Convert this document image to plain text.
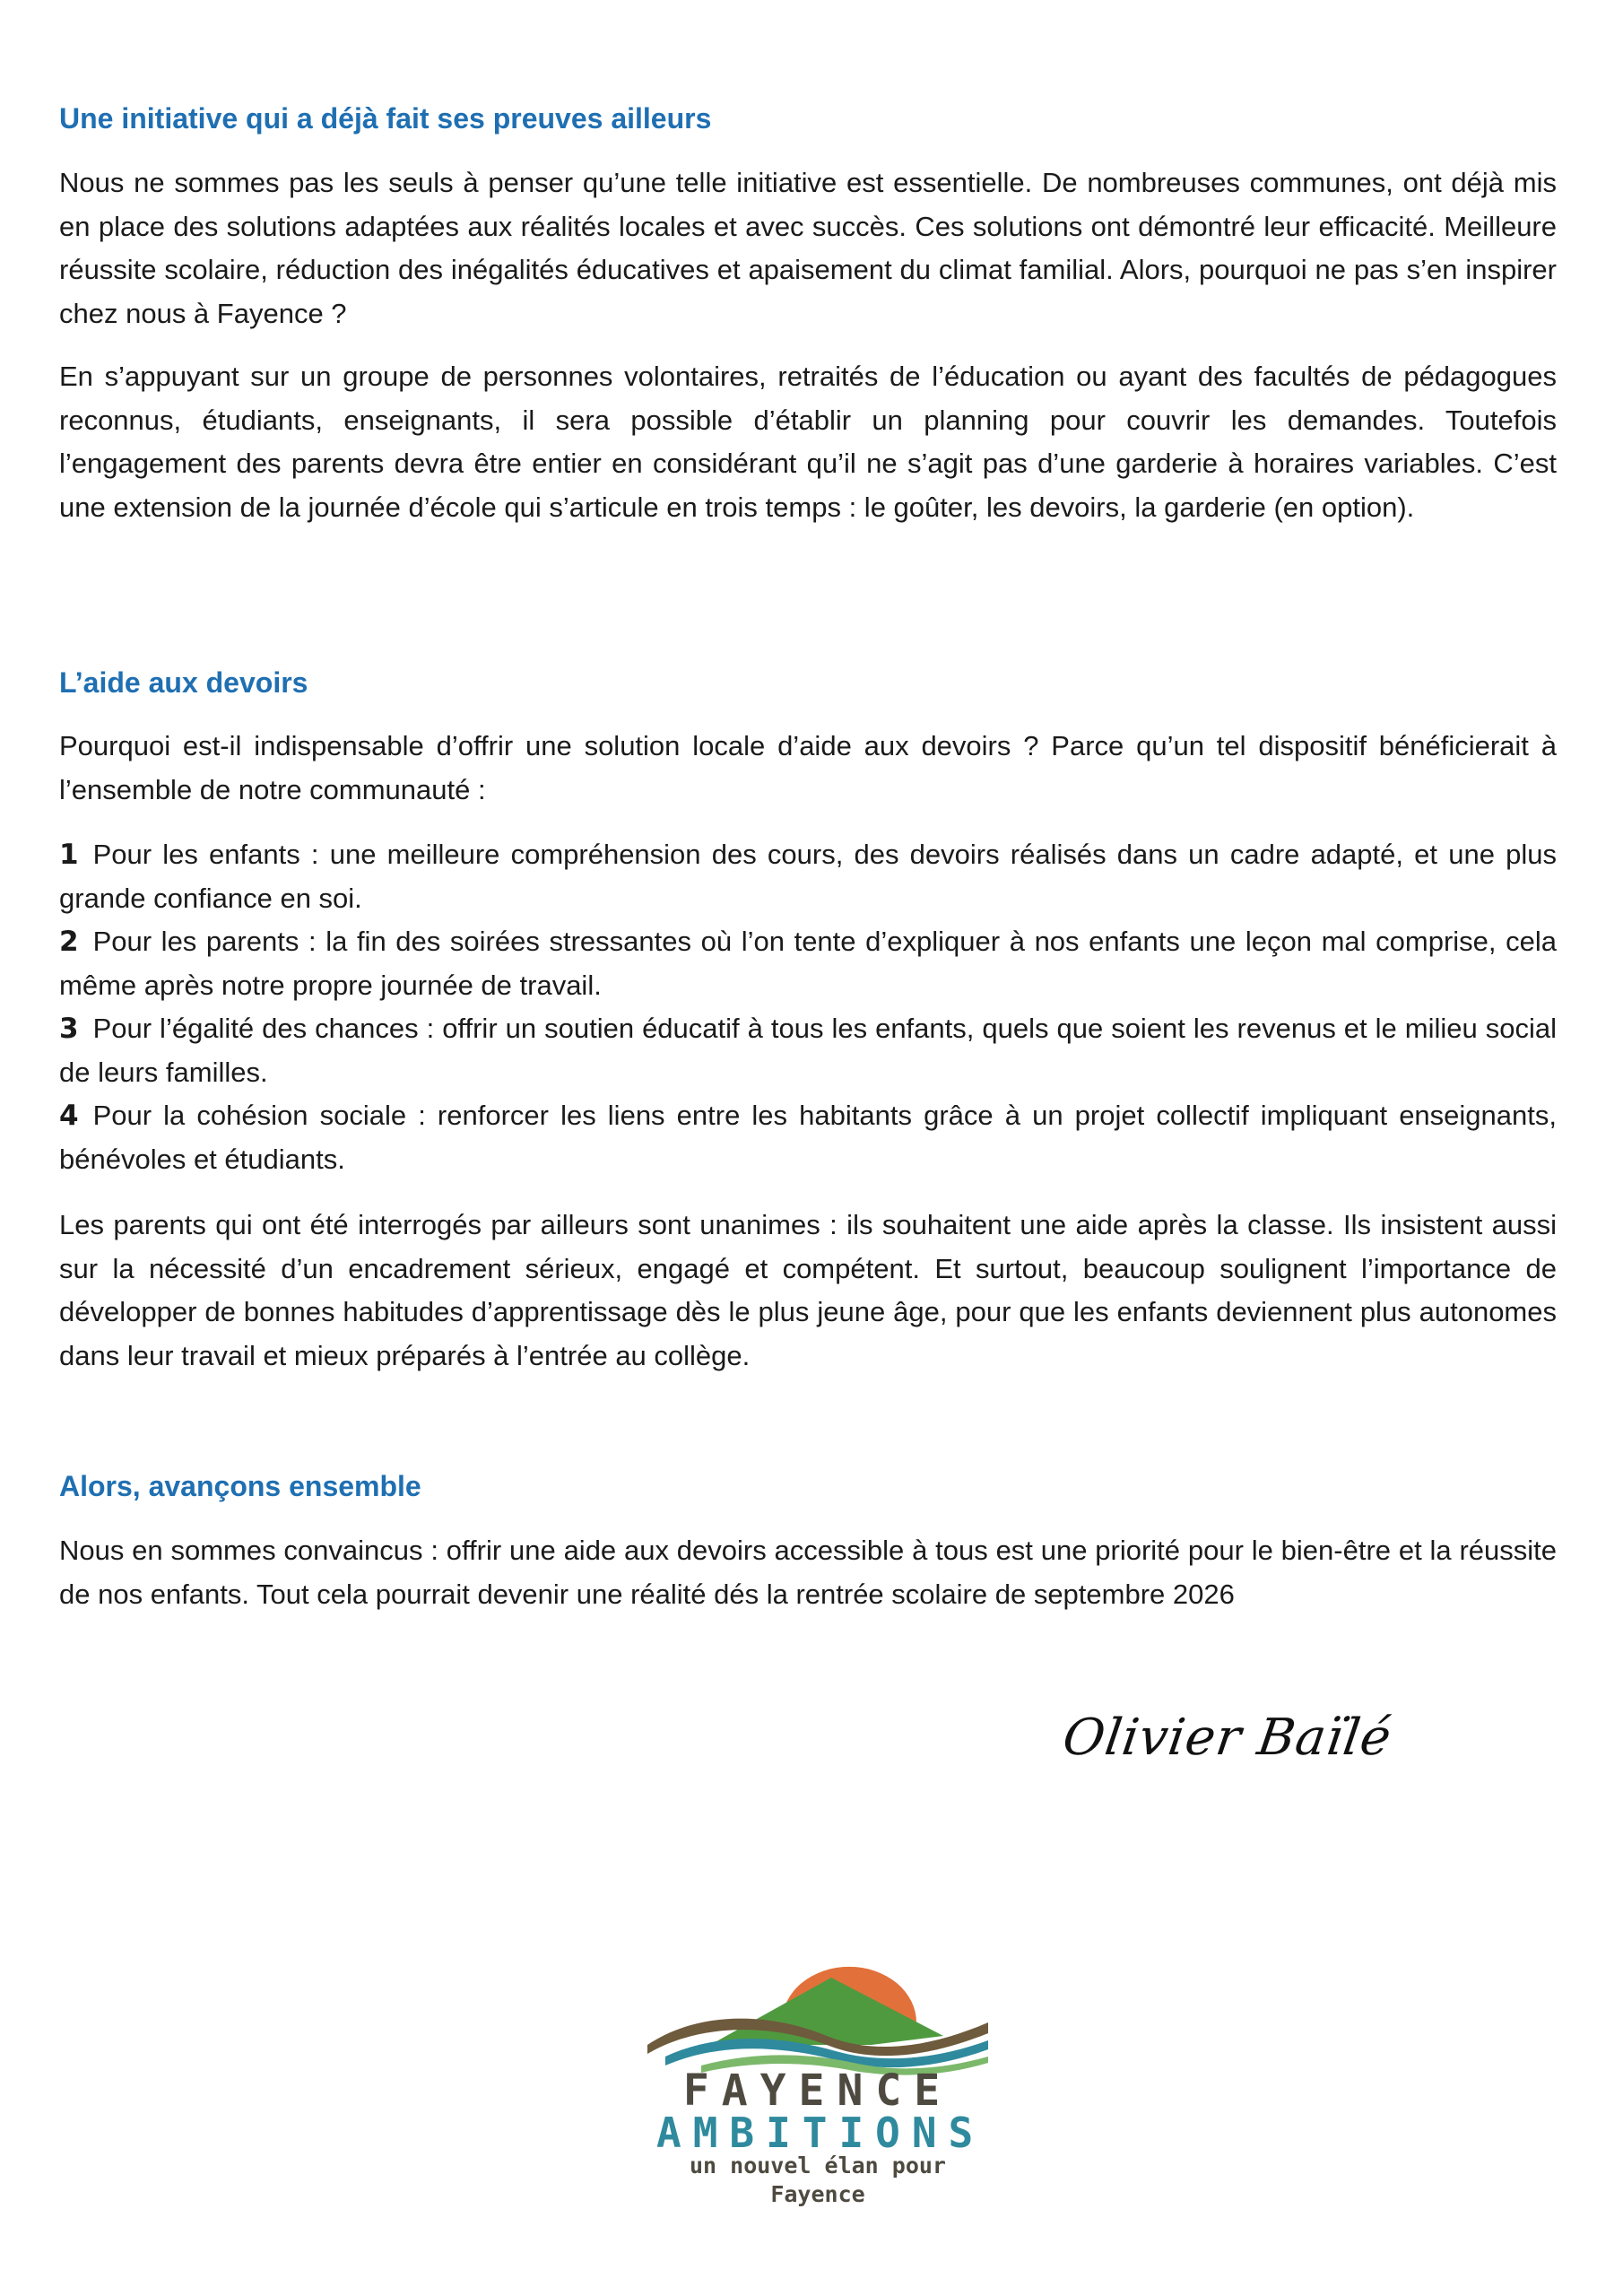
Une initiative qui a déjà fait ses preuves ailleurs

Nous ne sommes pas les seuls à penser qu’une telle initiative est essentielle. De nombreuses communes, ont déjà mis en place des solutions adaptées aux réalités locales et avec succès. Ces solutions ont démontré leur efficacité. Meilleure réussite scolaire, réduction des inégalités éducatives et apaisement du climat familial. Alors, pourquoi ne pas s’en inspirer chez nous à Fayence ?

En s’appuyant sur un groupe de personnes volontaires, retraités de l’éducation ou ayant des facultés de pédagogues reconnus, étudiants, enseignants, il sera possible d’établir un planning pour couvrir les demandes. Toutefois l’engagement des parents devra être entier en considérant qu’il ne s’agit pas d’une garderie à horaires variables. C’est une extension de la journée d’école qui s’articule en trois temps : le goûter, les devoirs, la garderie (en option).

L’aide aux devoirs

Pourquoi est-il indispensable d’offrir une solution locale d’aide aux devoirs ? Parce qu’un tel dispositif bénéficierait à l’ensemble de notre communauté :

1 Pour les enfants : une meilleure compréhension des cours, des devoirs réalisés dans un cadre adapté, et une plus grande confiance en soi.

2 Pour les parents : la fin des soirées stressantes où l’on tente d’expliquer à nos enfants une leçon mal comprise, cela même après notre propre journée de travail.

3 Pour l’égalité des chances : offrir un soutien éducatif à tous les enfants, quels que soient les revenus et le milieu social de leurs familles.

4 Pour la cohésion sociale : renforcer les liens entre les habitants grâce à un projet collectif impliquant enseignants, bénévoles et étudiants.

Les parents qui ont été interrogés par ailleurs sont unanimes : ils souhaitent une aide après la classe. Ils insistent aussi sur la nécessité d’un encadrement sérieux, engagé et compétent. Et surtout, beaucoup soulignent l’importance de développer de bonnes habitudes d’apprentissage dès le plus jeune âge, pour que les enfants deviennent plus autonomes dans leur travail et mieux préparés à l’entrée au collège.

Alors, avançons ensemble

Nous en sommes convaincus : offrir une aide aux devoirs accessible à tous est une priorité pour le bien-être et la réussite de nos enfants. Tout cela pourrait devenir une réalité dés la rentrée scolaire de septembre 2026

Olivier Baïlé
FAYENCE
AMBITIONS
un nouvel élan pour Fayence
